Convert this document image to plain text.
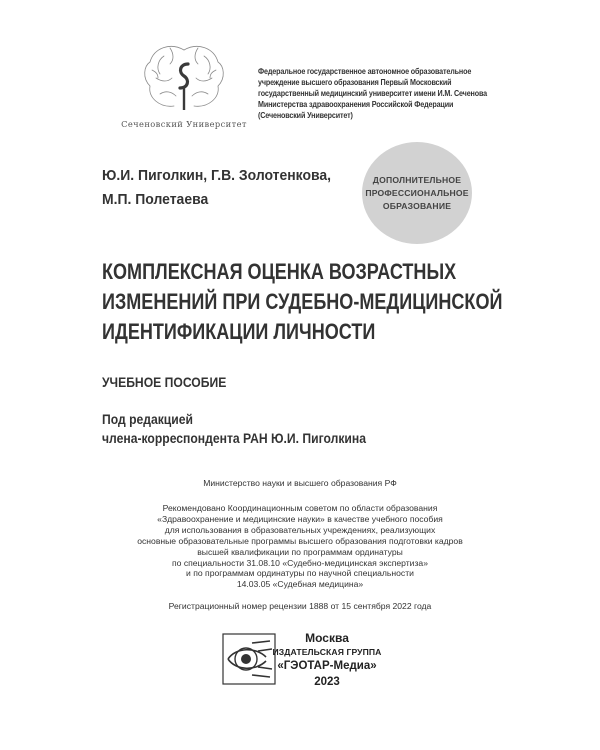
Сеченовский Университет
Федеральное государственное автономное образовательное
учреждение высшего образования Первый Московский
государственный медицинский университет имени И.М. Сеченова
Министерства здравоохранения Российской Федерации
(Сеченовский Университет)
Ю.И. Пиголкин, Г.В. Золотенкова,
М.П. Полетаева
ДОПОЛНИТЕЛЬНОЕ
ПРОФЕССИОНАЛЬНОЕ
ОБРАЗОВАНИЕ
КОМПЛЕКСНАЯ ОЦЕНКА ВОЗРАСТНЫХ
ИЗМЕНЕНИЙ ПРИ СУДЕБНО-МЕДИЦИНСКОЙ
ИДЕНТИФИКАЦИИ ЛИЧНОСТИ
УЧЕБНОЕ ПОСОБИЕ
Под редакцией
члена-корреспондента РАН Ю.И. Пиголкина
Министерство науки и высшего образования РФ
Рекомендовано Координационным советом по области образования
«Здравоохранение и медицинские науки» в качестве учебного пособия
для использования в образовательных учреждениях, реализующих
основные образовательные программы высшего образования подготовки кадров
высшей квалификации по программам ординатуры
по специальности 31.08.10 «Судебно-медицинская экспертиза»
и по программам ординатуры по научной специальности
14.03.05 «Судебная медицина»
Регистрационный номер рецензии 1888 от 15 сентября 2022 года
Москва
ИЗДАТЕЛЬСКАЯ ГРУППА
«ГЭОТАР-Медиа»
2023
